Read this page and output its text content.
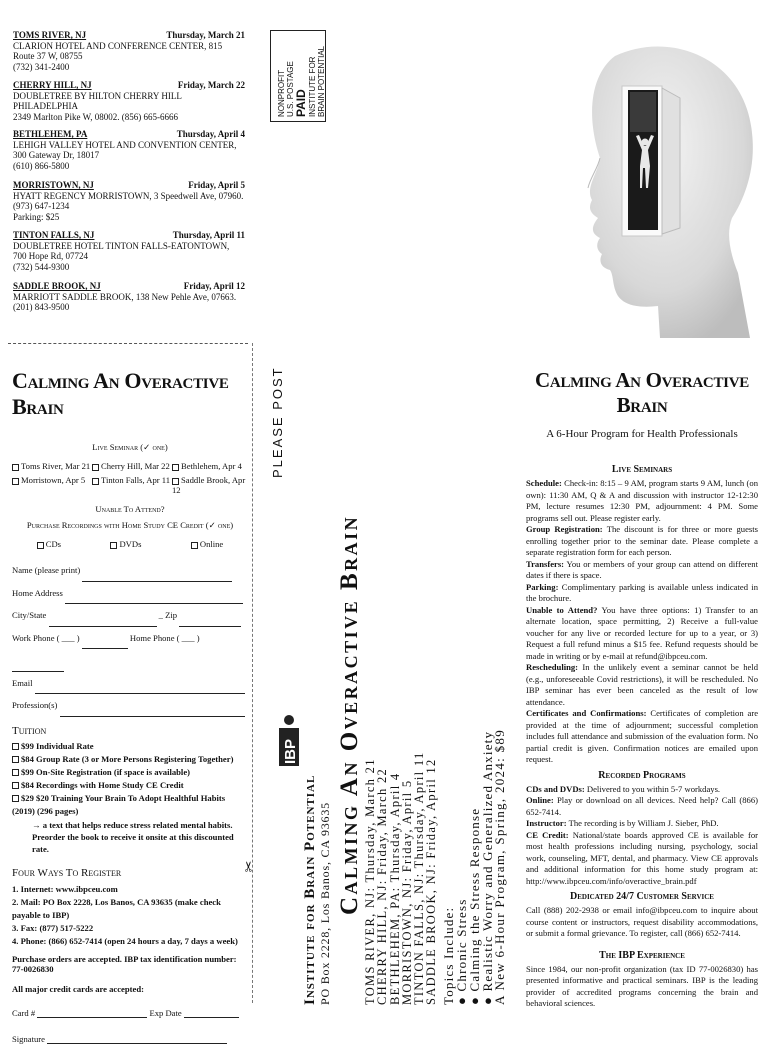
TOMS RIVER, NJ	Thursday, March 21
CLARION HOTEL AND CONFERENCE CENTER, 815 Route 37 W, 08755
(732) 341-2400
CHERRY HILL, NJ	Friday, March 22
DOUBLETREE BY HILTON CHERRY HILL PHILADELPHIA
2349 Marlton Pike W, 08002. (856) 665-6666
BETHLEHEM, PA	Thursday, April 4
LEHIGH VALLEY HOTEL AND CONVENTION CENTER, 300 Gateway Dr, 18017
(610) 866-5800
MORRISTOWN, NJ	Friday, April 5
HYATT REGENCY MORRISTOWN, 3 Speedwell Ave, 07960. (973) 647-1234
Parking: $25
TINTON FALLS, NJ	Thursday, April 11
DOUBLETREE HOTEL TINTON FALLS-EATONTOWN, 700 Hope Rd, 07724
(732) 544-9300
SADDLE BROOK, NJ	Friday, April 12
MARRIOTT SADDLE BROOK, 138 New Pehle Ave, 07663. (201) 843-9500
NONPROFIT U.S. POSTAGE PAID INSTITUTE FOR BRAIN POTENTIAL
Calming An Overactive Brain
Live Seminar (✓ one)
Toms River, Mar 21	Cherry Hill, Mar 22	Bethlehem, Apr 4
Morristown, Apr 5	Tinton Falls, Apr 11	Saddle Brook, Apr 12
Unable To Attend?
Purchase Recordings with Home Study CE Credit (✓ one)
CDs	DVDs	Online
Name (please print)
Home Address
City/State	_ Zip
Work Phone ( ___ )	Home Phone ( ___ )
Email
Profession(s)
Tuition
$99 Individual Rate
$84 Group Rate (3 or More Persons Registering Together)
$99 On-Site Registration (if space is available)
$84 Recordings with Home Study CE Credit
$29 $20 Training Your Brain To Adopt Healthful Habits (2019) (296 pages)
→ a text that helps reduce stress related mental habits. Preorder the book to receive it onsite at this discounted rate.
Four Ways To Register
1. Internet: www.ibpceu.com
2. Mail: PO Box 2228, Los Banos, CA 93635 (make check payable to IBP)
3. Fax: (877) 517-5222
4. Phone: (866) 652-7414 (open 24 hours a day, 7 days a week)
Purchase orders are accepted. IBP tax identification number: 77-0026830
All major credit cards are accepted:
Card #	Exp Date
Signature
✂
PLEASE POST
IBP
Institute for Brain Potential PO Box 2228, Los Banos, CA 93635 Calming An Overactive Brain TOMS RIVER, NJ: Thursday, March 21
CHERRY HILL, NJ: Friday, March 22
BETHLEHEM, PA: Thursday, April 4
MORRISTOWN, NJ: Friday, April 5
TINTON FALLS, NJ: Thursday, April 11
SADDLE BROOK, NJ: Friday, April 12 Topics Include:
● Chronic Stress
● Calming the Stress Response
● Realistic Worry and Generalized Anxiety
A New 6-Hour Program, Spring, 2024: $89
Calming An Overactive Brain
A 6-Hour Program for Health Professionals
Live Seminars

Schedule: Check-in: 8:15 – 9 AM, program starts 9 AM, lunch (on own): 11:30 AM, Q & A and discussion with instructor 12-12:30 PM, lecture resumes 12:30 PM, adjournment: 4 PM. Some programs sell out. Please register early.

Group Registration: The discount is for three or more guests enrolling together prior to the seminar date. Please complete a separate registration form for each person.

Transfers: You or members of your group can attend on different dates if there is space.

Parking: Complimentary parking is available unless indicated in the brochure.

Unable to Attend? You have three options: 1) Transfer to an alternate location, space permitting, 2) Receive a full-value voucher for any live or recorded lecture for up to a year, or 3) Request a full refund minus a $15 fee. Refund requests should be made in writing or by e-mail at refund@ibpceu.com.

Rescheduling: In the unlikely event a seminar cannot be held (e.g., unforeseeable Covid restrictions), it will be rescheduled. No IBP seminar has ever been canceled as the result of low attendance.

Certificates and Confirmations: Certificates of completion are provided at the time of adjournment; successful completion includes full attendance and submission of the evaluation form. No partial credit is given. Confirmation notices are emailed upon request.

Recorded Programs

CDs and DVDs: Delivered to you within 5-7 workdays.

Online: Play or download on all devices. Need help? Call (866) 652-7414.

Instructor: The recording is by William J. Sieber, PhD.

CE Credit: National/state boards approved CE is available for most health professions including nursing, psychology, social work, counseling, MFT, dental, and pharmacy. View CE approvals and additional information for this home study program at: http://www.ibpceu.com/info/overactive_brain.pdf

Dedicated 24/7 Customer Service

Call (888) 202-2938 or email info@ibpceu.com to inquire about course content or instructors, request disability accommodations, or submit a formal grievance. To register, call (866) 652-7414.

The IBP Experience

Since 1984, our non-profit organization (tax ID 77-0026830) has presented informative and practical seminars. IBP is the leading provider of accredited programs concerning the brain and behavioral sciences.
